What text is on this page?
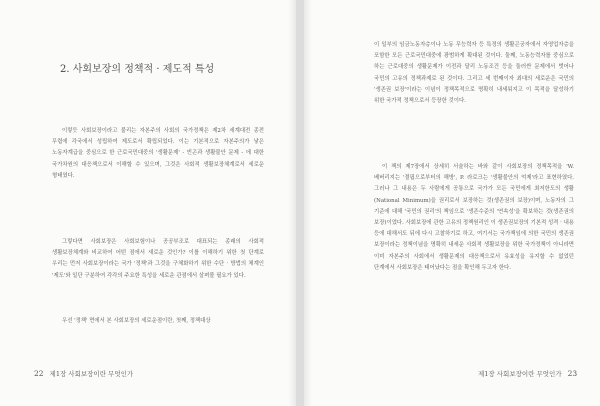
2. 사회보장의 정책적 · 제도적 특성

이렇듯 사회보장이라고 불리는 자본주의 사회의 국가정책은 제2차 세계대전 종전 무렵에 각국에서 성립하여 제도로서 확립되었다. 이는 기본적으로 자본주의가 낳은 노동자계급을 중심으로 한 근로국민대중의 '생활문제' - 빈곤과 생활불안 문제 - 에 대한 국가차원의 대응책으로서 이해할 수 있으며, 그것은 사회적 생활보장체계로서 세로운 형태였다.

그렇다면 사회보장은 사회보험이나 공공부조로 대표되는 종래의 사회적 생활보장체계와 비교하여 어떤 점에서 새로운 것인가? 이를 이해하기 위한 첫 단계로 우리는 먼저 사회보장이라는 국가 '정책'과 그것을 구체화하기 위한 수단 · 방법의 체계인 '제도'와 일단 구분하여 각각의 주요한 특성을 세로운 관점에서 살펴볼 필요가 있다.

우선 '정책' 면에서 본 사회보장의 세로운점이란, 첫째, 정책대상

22 제1장 사회보장이란 무엇인가

이 일부의 임금노동자층이나 노동 무능력자 등 특정의 생활곤궁자에서 자영업자층을 포함한 모든 근로국민대중에 광범하게 확대된 것이다. 둘째, 노동능력자를 중심으로 하는 근로대중의 생활문제가 이전과 달리 노동조건 등을 둘러싼 문제에서 벗어나 국민의 고유의 정책과제로 된 것이다. 그리고 세 번째이자 최대의 세로운은 국민의 '생존권 보장'이라는 이념이 정책목적으로 명확히 내세워지고 이 목적을 달성하기 위한 국가적 정책으로서 등장한 것이다.

이 책의 제7장에서 상세히 서술하는 바와 같이 사회보장의 정책목적을 'W. 베버리지는 '결핍으로부터의 해방', P. 라로크는 '생활불안의 억제'라고 표현하였다. 그러나 그 내용은 두 사람에게 공통으로 국가가 모든 국민에게 최저한도의 생활(National Minimum)을 권리로서 보장하는 것(생존권의 보장)이며, 노동자의 그 기준에 대해 '국민의 권리'의 책임으로 '생존수준의 '연속성'을 확보하는 것(생존권의 보장)이었다. 사회보장에 관한 고유의 정책원리인 이 생존권보장의 기본적 성격 · 내용 등에 대해서도 뒤에 다시 고찰하기로 하고, 여기서는 국가책임에 의한 국민의 생존권 보장이라는 정책이념을 명확히 내세운 사회적 생활보장을 위한 국가정책이 아니라면 이미 자본주의 사회에서 생활문제의 대응책으로서 유효성을 유지할 수 없었던 단계에서 사회보장은 태어났다는 점을 확인해 두고자 한다.

제1장 사회보장이란 무엇인가 23
